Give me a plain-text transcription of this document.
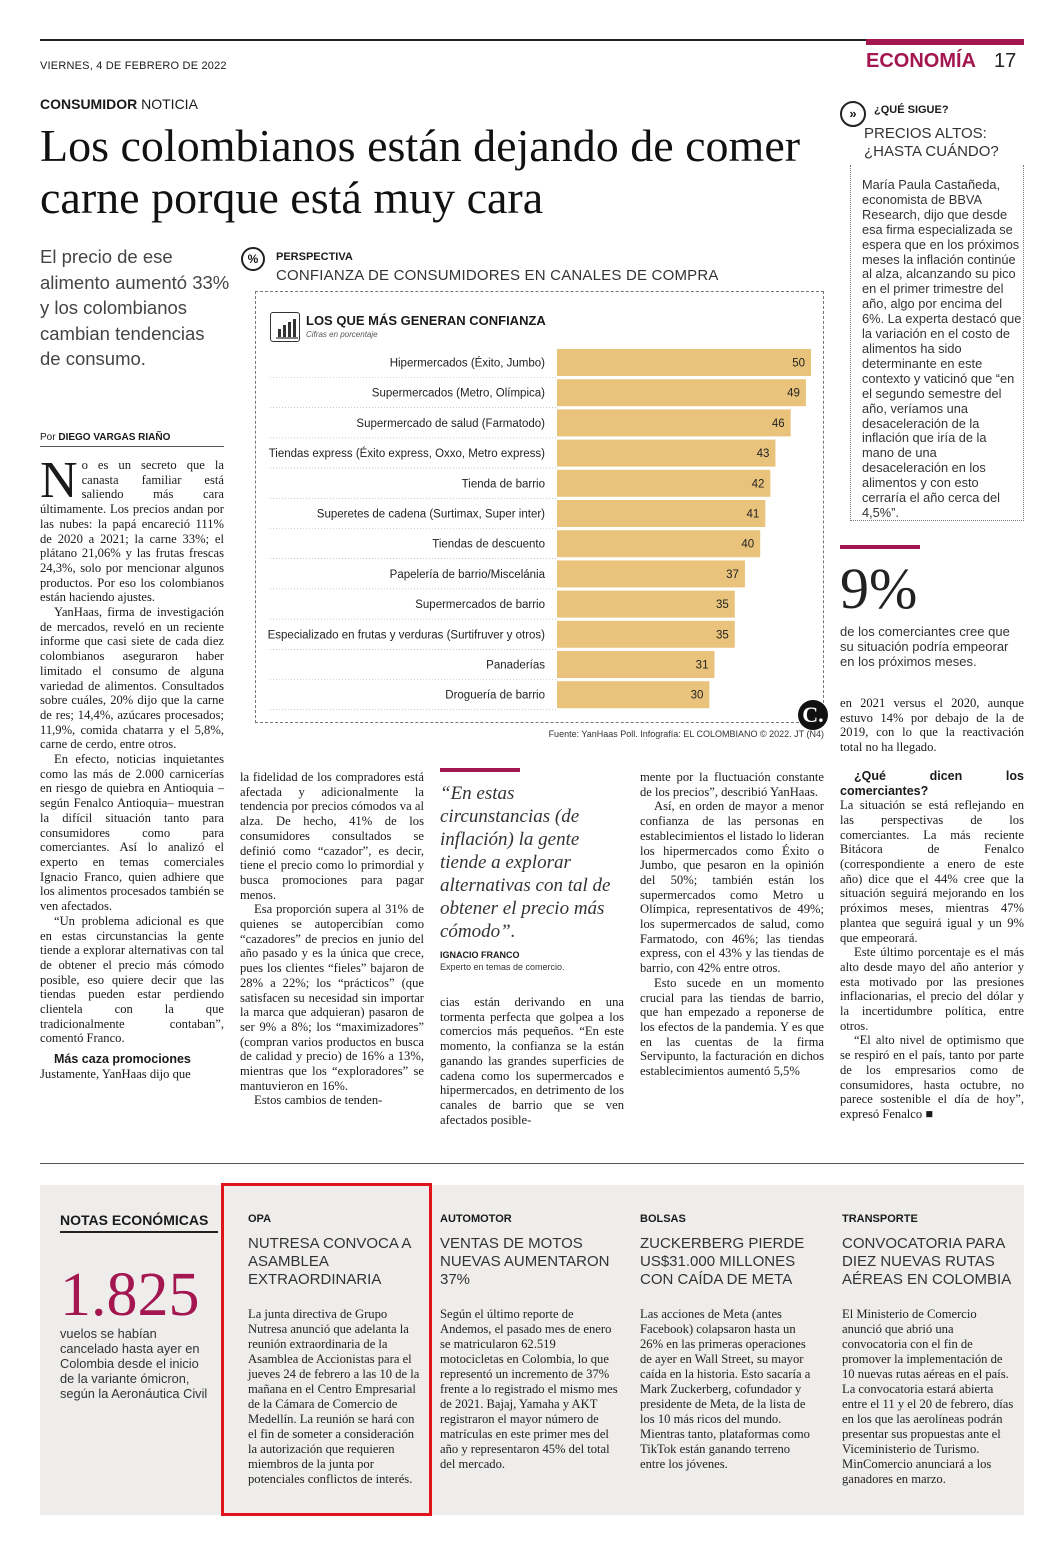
VIERNES, 4 DE FEBRERO DE 2022	ECONOMÍA 17
CONSUMIDOR NOTICIA
Los colombianos están dejando de comer carne porque está muy cara
El precio de ese alimento aumentó 33% y los colombianos cambian tendencias de consumo.
Por DIEGO VARGAS RIAÑO

No es un secreto que la canasta familiar está saliendo más cara últimamente. Los precios andan por las nubes: la papá encareció 111% de 2020 a 2021; la carne 33%; el plátano 21,06% y las frutas frescas 24,3%, solo por mencionar algunos productos. Por eso los colombianos están haciendo ajustes.

YanHaas, firma de investigación de mercados, reveló en un reciente informe que casi siete de cada diez colombianos aseguraron haber limitado el consumo de alguna variedad de alimentos. Consultados sobre cuáles, 20% dijo que la carne de res; 14,4%, azúcares procesados; 11,9%, comida chatarra y el 5,8%, carne de cerdo, entre otros.

En efecto, noticias inquietantes como las más de 2.000 carnicerías en riesgo de quiebra en Antioquia –según Fenalco Antioquia– muestran la difícil situación tanto para consumidores como para comerciantes. Así lo analizó el experto en temas comerciales Ignacio Franco, quien adhiere que los alimentos procesados también se ven afectados.

“Un problema adicional es que en estas circunstancias la gente tiende a explorar alternativas con tal de obtener el precio más cómodo posible, eso quiere decir que las tiendas pueden estar perdiendo clientela con la que tradicionalmente contaban”, comentó Franco.

Más caza promociones

Justamente, YanHaas dijo que

la fidelidad de los compradores está afectada y adicionalmente la tendencia por precios cómodos va al alza. De hecho, 41% de los consumidores consultados se definió como “cazador”, es decir, tiene el precio como lo primordial y busca promociones para pagar menos.

Esa proporción supera al 31% de quienes se autopercibían como “cazadores” de precios en junio del año pasado y es la única que crece, pues los clientes “fieles” bajaron de 28% a 22%; los “prácticos” (que satisfacen su necesidad sin importar la marca que adquieran) pasaron de ser 9% a 8%; los “maximizadores” (compran varios productos en busca de calidad y precio) de 16% a 13%, mientras que los “exploradores” se mantuvieron en 16%.

Estos cambios de tenden-

“En estas circunstancias (de inflación) la gente tiende a explorar alternativas con tal de obtener el precio más cómodo”.
IGNACIO FRANCO
Experto en temas de comercio.

cias están derivando en una tormenta perfecta que golpea a los comercios más pequeños. “En este momento, la confianza se la están ganando las grandes superficies de cadena como los supermercados e hipermercados, en detrimento de los canales de barrio que se ven afectados posible-

mente por la fluctuación constante de los precios”, describió YanHaas.

Así, en orden de mayor a menor confianza de las personas en establecimientos el listado lo lideran los hipermercados como Éxito o Jumbo, que pesaron en la opinión del 50%; también están los supermercados como Metro u Olímpica, representativos de 49%; los supermercados de salud, como Farmatodo, con 46%; las tiendas express, con el 43% y las tiendas de barrio, con 42% entre otros.

Esto sucede en un momento crucial para las tiendas de barrio, que han empezado a reponerse de los efectos de la pandemia. Y es que en las cuentas de la firma Servipunto, la facturación en dichos establecimientos aumentó 5,5%

en 2021 versus el 2020, aunque estuvo 14% por debajo de la de 2019, con lo que la reactivación total no ha llegado.

¿Qué dicen los comerciantes?

La situación se está reflejando en las perspectivas de los comerciantes. La más reciente Bitácora de Fenalco (correspondiente a enero de este año) dice que el 44% cree que la situación seguirá mejorando en los próximos meses, mientras 47% plantea que seguirá igual y un 9% que empeorará.

Este último porcentaje es el más alto desde mayo del año anterior y esta motivado por las presiones inflacionarias, el precio del dólar y la incertidumbre política, entre otros.

“El alto nivel de optimismo que se respiró en el país, tanto por parte de los empresarios como de consumidores, hasta octubre, no parece sostenible el día de hoy”, expresó Fenalco ■

%	PERSPECTIVA
CONFIANZA DE CONSUMIDORES EN CANALES DE COMPRA
LOS QUE MÁS GENERAN CONFIANZA
Cifras en porcentaje
Hipermercados (Éxito, Jumbo)	50
Supermercados (Metro, Olímpica)	49
Supermercado de salud (Farmatodo)	46
Tiendas express (Éxito express, Oxxo, Metro express)	43
Tienda de barrio	42
Superetes de cadena (Surtimax, Super inter)	41
Tiendas de descuento	40
Papelería de barrio/Miscelánia	37
Supermercados de barrio	35
Especializado en frutas y verduras (Surtifruver y otros)	35
Panaderías	31
Droguería de barrio	30
C.
Fuente: YanHaas Poll. Infografía: EL COLOMBIANO © 2022. JT (N4)
»	¿QUÉ SIGUE?
PRECIOS ALTOS: ¿HASTA CUÁNDO?
María Paula Castañeda, economista de BBVA Research, dijo que desde esa firma especializada se espera que en los próximos meses la inflación continúe al alza, alcanzando su pico en el primer trimestre del año, algo por encima del 6%. La experta destacó que la variación en el costo de alimentos ha sido determinante en este contexto y vaticinó que “en el segundo semestre del año, veríamos una desaceleración de la inflación que iría de la mano de una desaceleración en los alimentos y con esto cerraría el año cerca del 4,5%”.
9%
de los comerciantes cree que su situación podría empeorar en los próximos meses.
NOTAS ECONÓMICAS
1.825
vuelos se habían cancelado hasta ayer en Colombia desde el inicio de la variante ómicron, según la Aeronáutica Civil
OPA
NUTRESA CONVOCA A ASAMBLEA EXTRAORDINARIA
La junta directiva de Grupo Nutresa anunció que adelanta la reunión extraordinaria de la Asamblea de Accionistas para el jueves 24 de febrero a las 10 de la mañana en el Centro Empresarial de la Cámara de Comercio de Medellín. La reunión se hará con el fin de someter a consideración la autorización que requieren miembros de la junta por potenciales conflictos de interés.
AUTOMOTOR
VENTAS DE MOTOS NUEVAS AUMENTARON 37%
Según el último reporte de Andemos, el pasado mes de enero se matricularon 62.519 motocicletas en Colombia, lo que representó un incremento de 37% frente a lo registrado el mismo mes de 2021. Bajaj, Yamaha y AKT registraron el mayor número de matrículas en este primer mes del año y representaron 45% del total del mercado.
BOLSAS
ZUCKERBERG PIERDE US$31.000 MILLONES CON CAÍDA DE META
Las acciones de Meta (antes Facebook) colapsaron hasta un 26% en las primeras operaciones de ayer en Wall Street, su mayor caída en la historia. Esto sacaría a Mark Zuckerberg, cofundador y presidente de Meta, de la lista de los 10 más ricos del mundo. Mientras tanto, plataformas como TikTok están ganando terreno entre los jóvenes.
TRANSPORTE
CONVOCATORIA PARA DIEZ NUEVAS RUTAS AÉREAS EN COLOMBIA
El Ministerio de Comercio anunció que abrió una convocatoria con el fin de promover la implementación de 10 nuevas rutas aéreas en el país. La convocatoria estará abierta entre el 11 y el 20 de febrero, días en los que las aerolíneas podrán presentar sus propuestas ante el Viceministerio de Turismo. MinComercio anunciará a los ganadores en marzo.
